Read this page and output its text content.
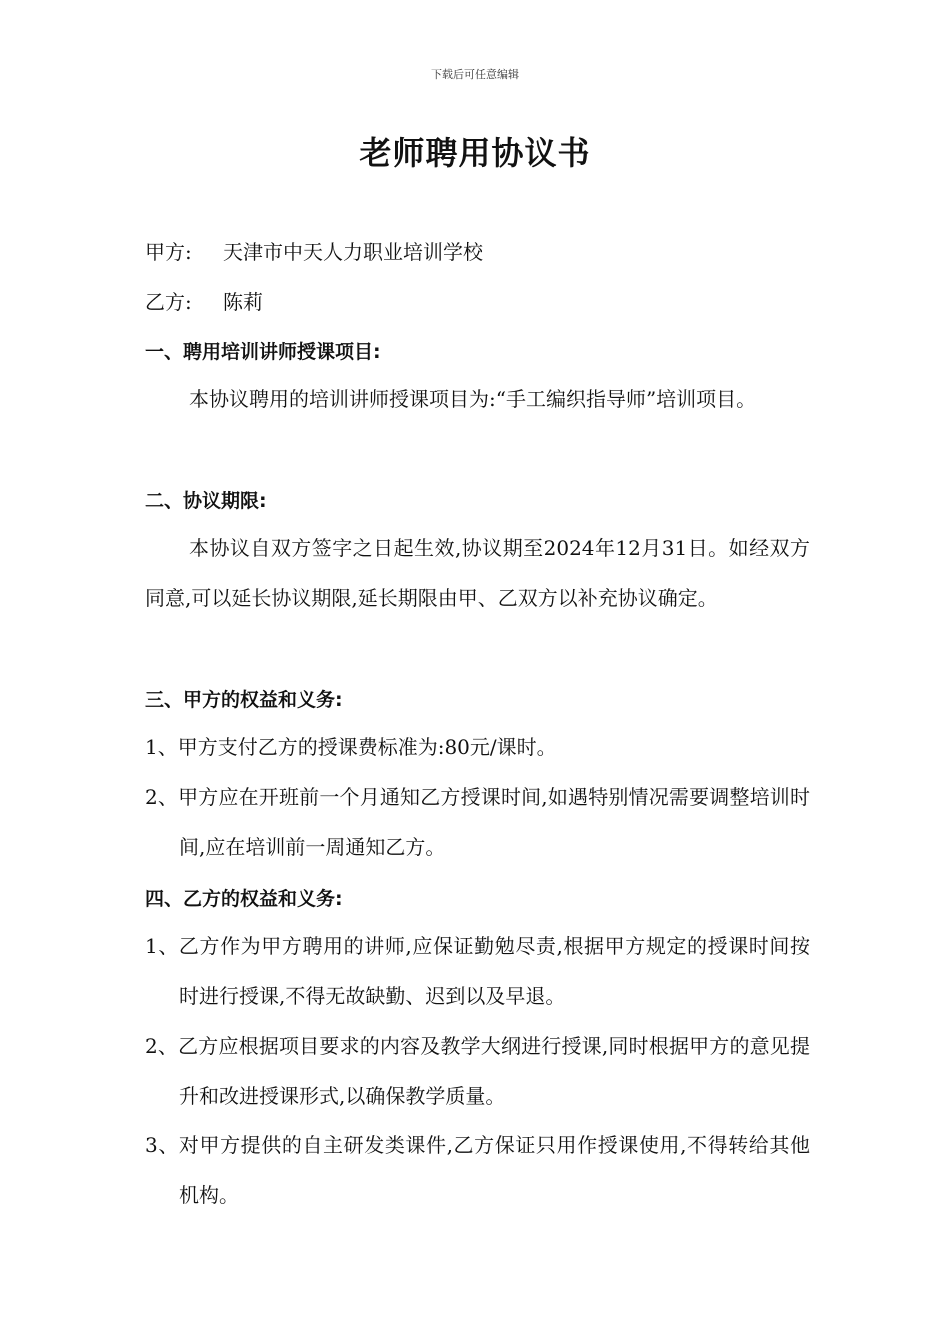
下载后可任意编辑
老师聘用协议书
甲方: 天津市中天人力职业培训学校
乙方: 陈莉
一、聘用培训讲师授课项目:
本协议聘用的培训讲师授课项目为:“手工编织指导师”培训项目。
二、协议期限:
本协议自双方签字之日起生效,协议期至2024年12月31日。如经双方同意,可以延长协议期限,延长期限由甲、乙双方以补充协议确定。
三、甲方的权益和义务:
1、甲方支付乙方的授课费标准为:80元/课时。
2、甲方应在开班前一个月通知乙方授课时间,如遇特别情况需要调整培训时间,应在培训前一周通知乙方。
四、乙方的权益和义务:
1、乙方作为甲方聘用的讲师,应保证勤勉尽责,根据甲方规定的授课时间按时进行授课,不得无故缺勤、迟到以及早退。
2、乙方应根据项目要求的内容及教学大纲进行授课,同时根据甲方的意见提升和改进授课形式,以确保教学质量。
3、对甲方提供的自主研发类课件,乙方保证只用作授课使用,不得转给其他机构。
